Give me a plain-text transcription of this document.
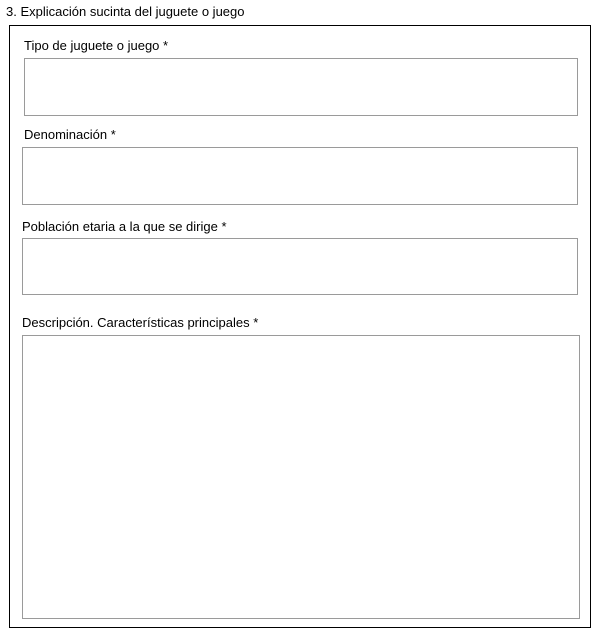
3. Explicación sucinta del juguete o juego
Tipo de juguete o juego *
Denominación *
Población etaria a la que se dirige *
Descripción. Características principales *
